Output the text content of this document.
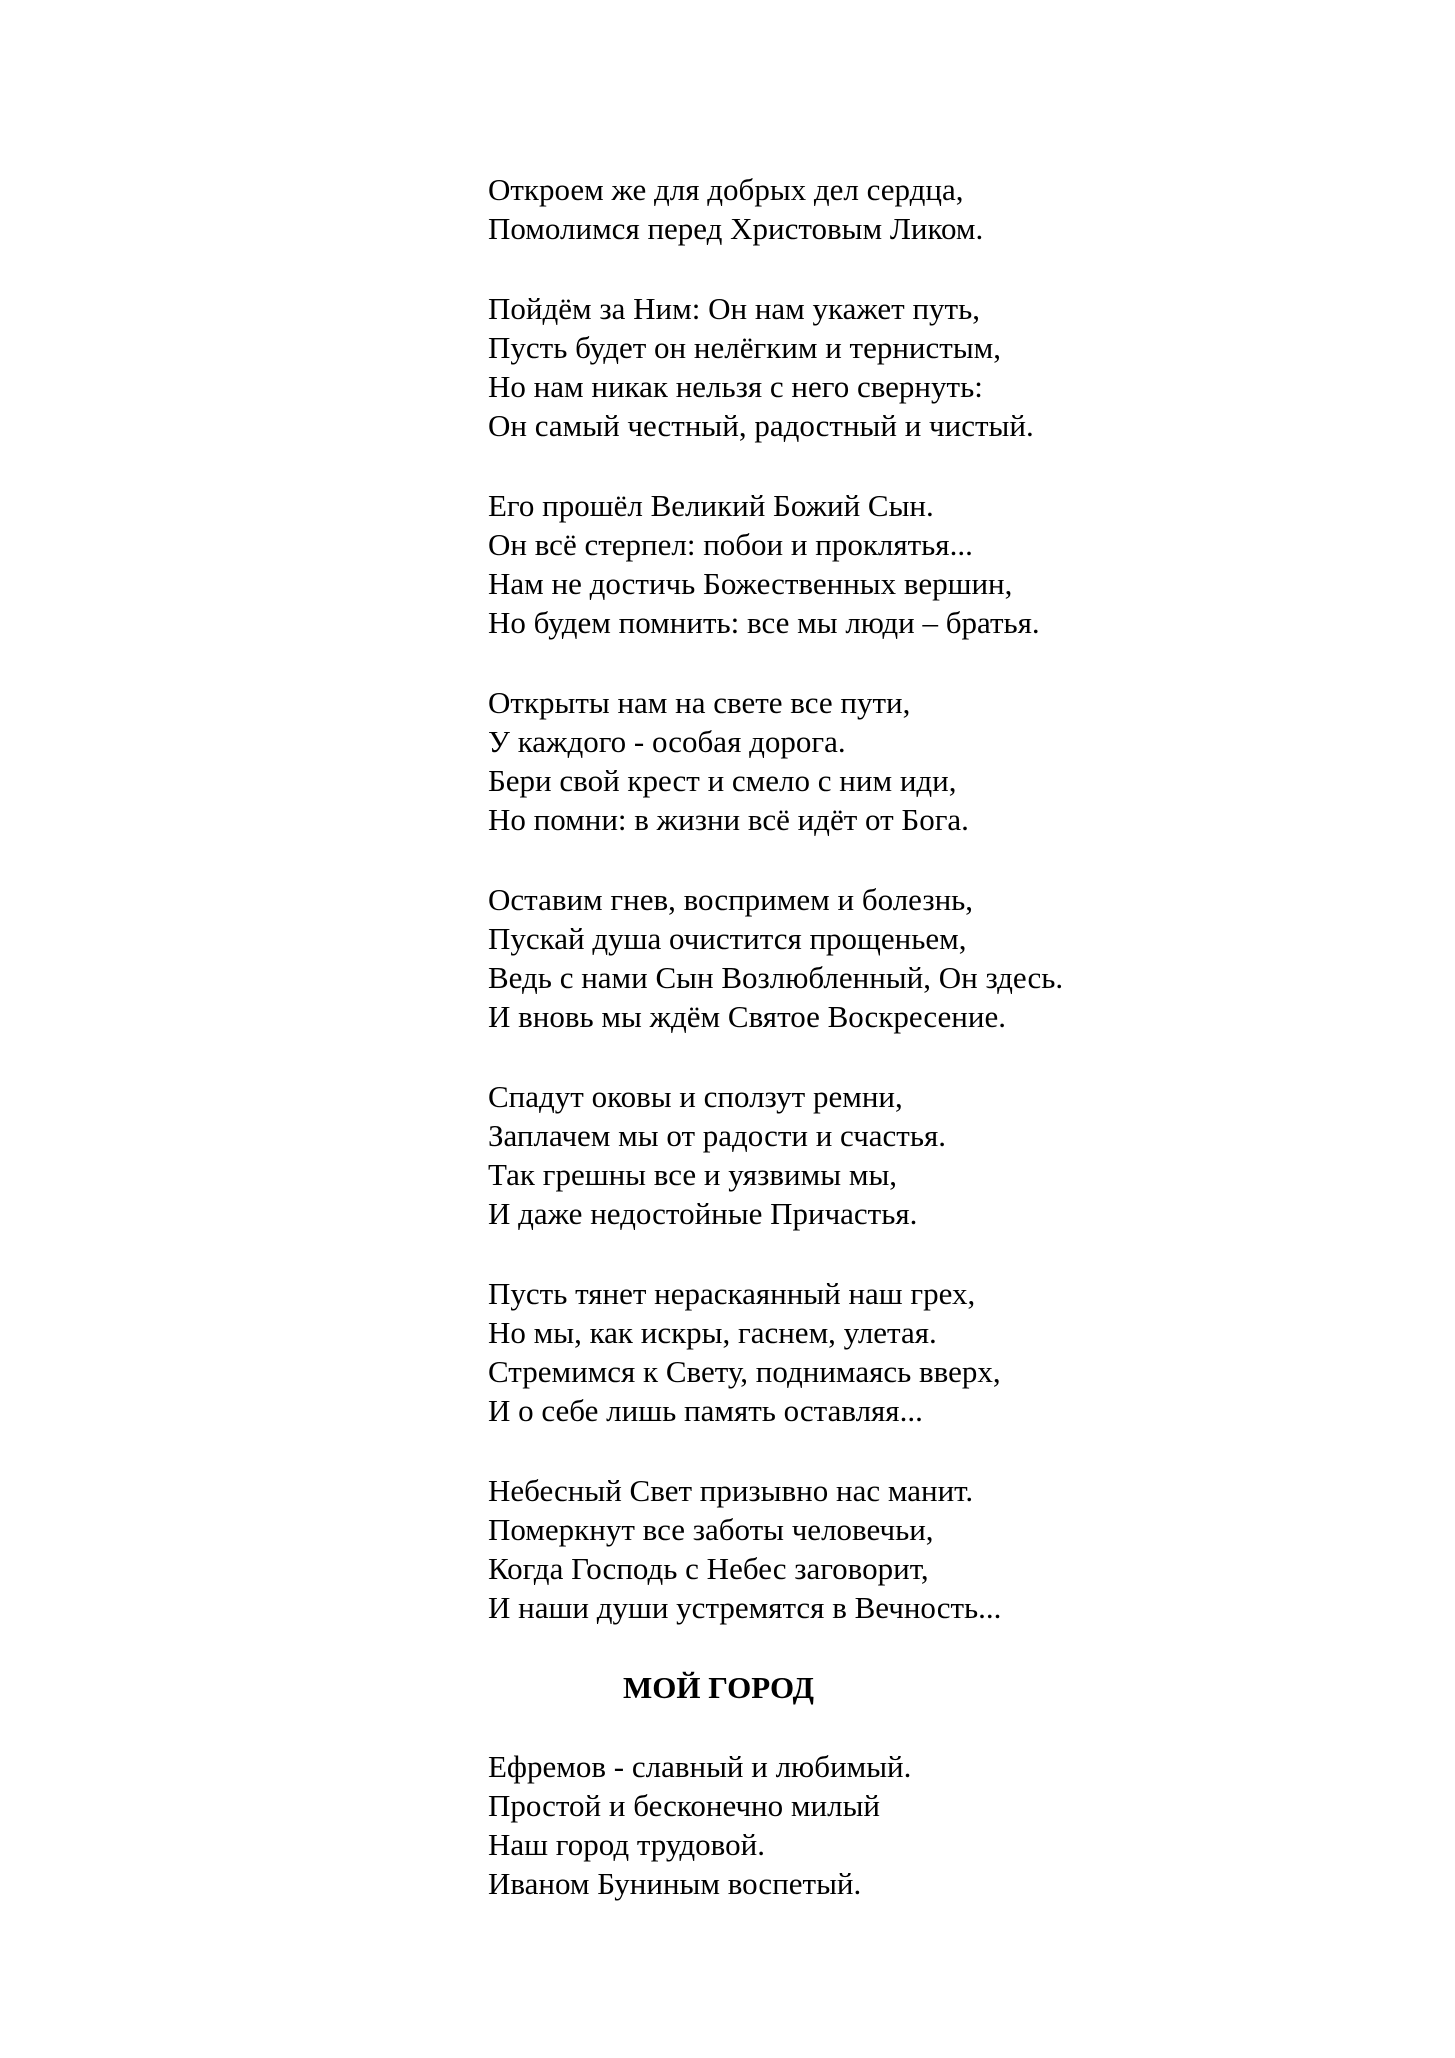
Откроем же для добрых дел сердца,
Помолимся перед Христовым Ликом.
Пойдём за Ним: Он нам укажет путь,
Пусть будет он нелёгким и тернистым,
Но нам никак нельзя с него свернуть:
Он самый честный, радостный и чистый.
Его прошёл Великий Божий Сын.
Он всё стерпел: побои и проклятья...
Нам не достичь Божественных вершин,
Но будем помнить: все мы люди – братья.
Открыты нам на свете все пути,
У каждого - особая дорога.
Бери свой крест и смело с ним иди,
Но помни: в жизни всё идёт от Бога.
Оставим гнев, воспримем и болезнь,
Пускай душа очистится прощеньем,
Ведь с нами Сын Возлюбленный, Он здесь.
И вновь мы ждём Святое Воскресение.
Спадут оковы и сползут ремни,
Заплачем мы от радости и счастья.
Так грешны все и уязвимы мы,
И даже недостойные Причастья.
Пусть тянет нераскаянный наш грех,
Но мы, как искры, гаснем, улетая.
Стремимся к Свету, поднимаясь вверх,
И о себе лишь память оставляя...
Небесный Свет призывно нас манит.
Померкнут все заботы человечьи,
Когда Господь с Небес заговорит,
И наши души устремятся в Вечность...
МОЙ ГОРОД
Ефремов - славный и любимый.
Простой и бесконечно милый
Наш город трудовой.
Иваном Буниным воспетый.
